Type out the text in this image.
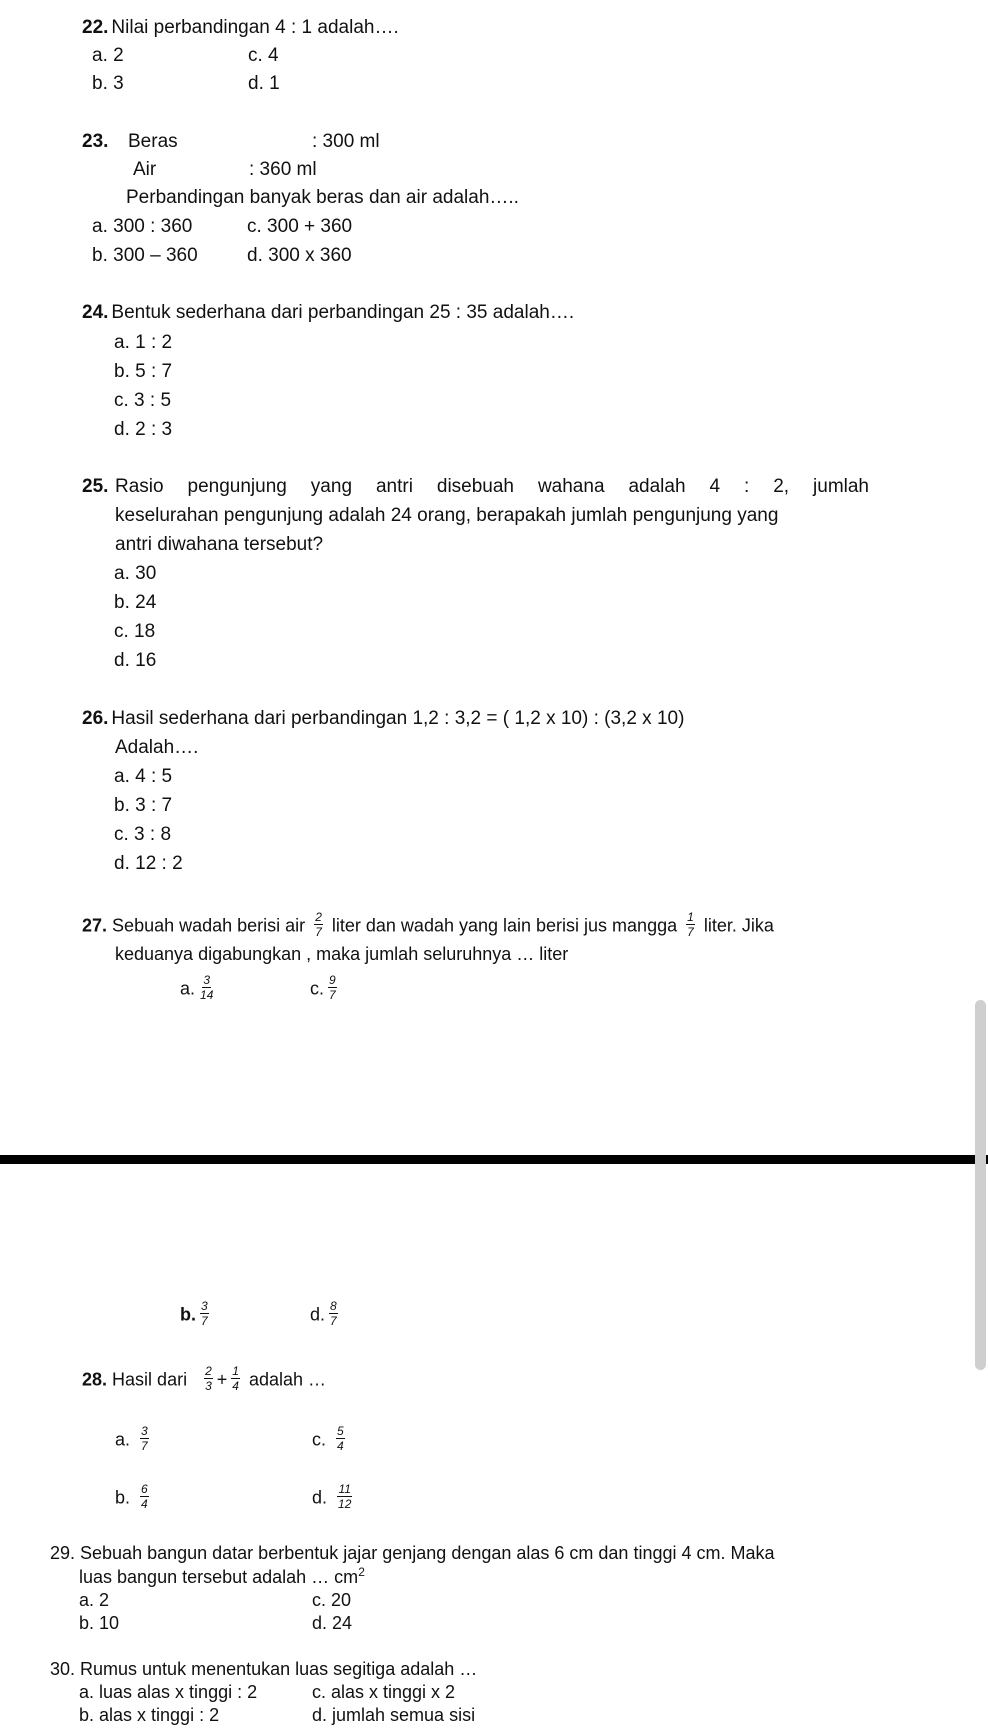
22. Nilai perbandingan 4 : 1 adalah….
a. 2	c. 4
b. 3	d. 1
23. Beras	: 300 ml
Air	: 360 ml
Perbandingan banyak beras dan air adalah…..
a. 300 : 360	c. 300 + 360
b. 300 – 360	d. 300 x 360
24. Bentuk sederhana dari perbandingan 25 : 35 adalah….
a. 1 : 2
b. 5 : 7
c. 3 : 5
d. 2 : 3
25. Rasio pengunjung yang antri disebuah wahana adalah 4 : 2, jumlah
keselurahan pengunjung adalah 24 orang, berapakah jumlah pengunjung yang
antri diwahana tersebut?
a. 30
b. 24
c. 18
d. 16
26. Hasil sederhana dari perbandingan 1,2 : 3,2 = ( 1,2 x 10) : (3,2 x 10)
Adalah….
a. 4 : 5
b. 3 : 7
c. 3 : 8
d. 12 : 2
27. Sebuah wadah berisi air $\frac{2}{7}$ liter dan wadah yang lain berisi jus mangga $\frac{1}{7}$ liter. Jika
keduanya digabungkan , maka jumlah seluruhnya … liter
a. $\frac{3}{14}$	c. $\frac{9}{7}$
b. $\frac{3}{7}$	d. $\frac{8}{7}$
28. Hasil dari $\frac{2}{3} + \frac{1}{4}$ adalah …
a. $\frac{3}{7}$	c. $\frac{5}{4}$
b. $\frac{6}{4}$	d. $\frac{11}{12}$
29. Sebuah bangun datar berbentuk jajar genjang dengan alas 6 cm dan tinggi 4 cm. Maka
luas bangun tersebut adalah … $cm^2$
a. 2	c. 20
b. 10	d. 24
30. Rumus untuk menentukan luas segitiga adalah …
a. luas alas x tinggi : 2	c. alas x tinggi x 2
b. alas x tinggi : 2	d. jumlah semua sisi
